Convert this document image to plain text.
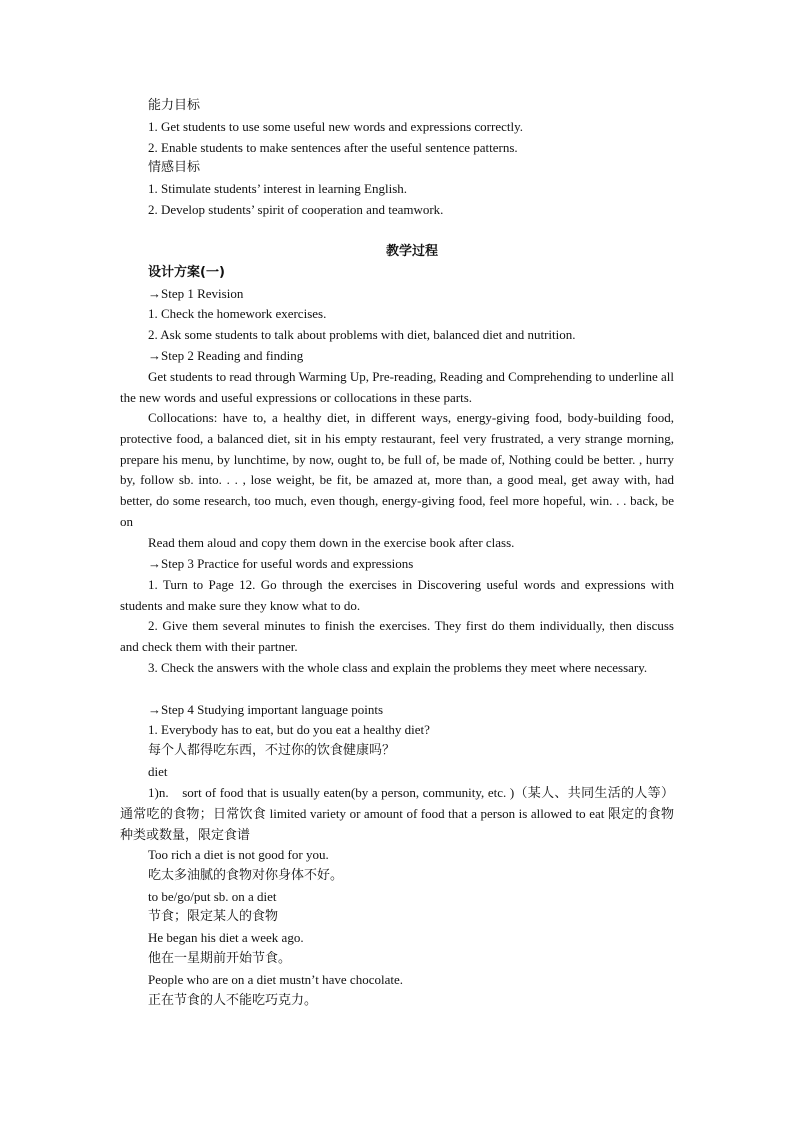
能力目标
1. Get students to use some useful new words and expressions correctly.
2. Enable students to make sentences after the useful sentence patterns.
情感目标
1. Stimulate students’ interest in learning English.
2. Develop students’ spirit of cooperation and teamwork.
教学过程
设计方案(一)
→Step 1 Revision
1. Check the homework exercises.
2. Ask some students to talk about problems with diet, balanced diet and nutrition.
→Step 2 Reading and finding
Get students to read through Warming Up, Pre-reading, Reading and Comprehending to underline all the new words and useful expressions or collocations in these parts.
Collocations: have to, a healthy diet, in different ways, energy-giving food, body-building food, protective food, a balanced diet, sit in his empty restaurant, feel very frustrated, a very strange morning, prepare his menu, by lunchtime, by now, ought to, be full of, be made of, Nothing could be better. , hurry by, follow sb. into. . . , lose weight, be fit, be amazed at, more than, a good meal, get away with, had better, do some research, too much, even though, energy-giving food, feel more hopeful, win. . . back, be on
Read them aloud and copy them down in the exercise book after class.
→Step 3 Practice for useful words and expressions
1. Turn to Page 12. Go through the exercises in Discovering useful words and expressions with students and make sure they know what to do.
2. Give them several minutes to finish the exercises. They first do them individually, then discuss and check them with their partner.
3. Check the answers with the whole class and explain the problems they meet where necessary.
→Step 4 Studying important language points
1. Everybody has to eat, but do you eat a healthy diet?
每个人都得吃东西，不过你的饮食健康吗？
diet
1)n.　sort of food that is usually eaten(by a person, community, etc. )（某人、共同生活的人等）通常吃的食物；日常饮食 limited variety or amount of food that a person is allowed to eat 限定的食物种类或数量，限定食谱
Too rich a diet is not good for you.
吃太多油腻的食物对你身体不好。
to be/go/put sb. on a diet
节食；限定某人的食物
He began his diet a week ago.
他在一星期前开始节食。
People who are on a diet mustn’t have chocolate.
正在节食的人不能吃巧克力。
